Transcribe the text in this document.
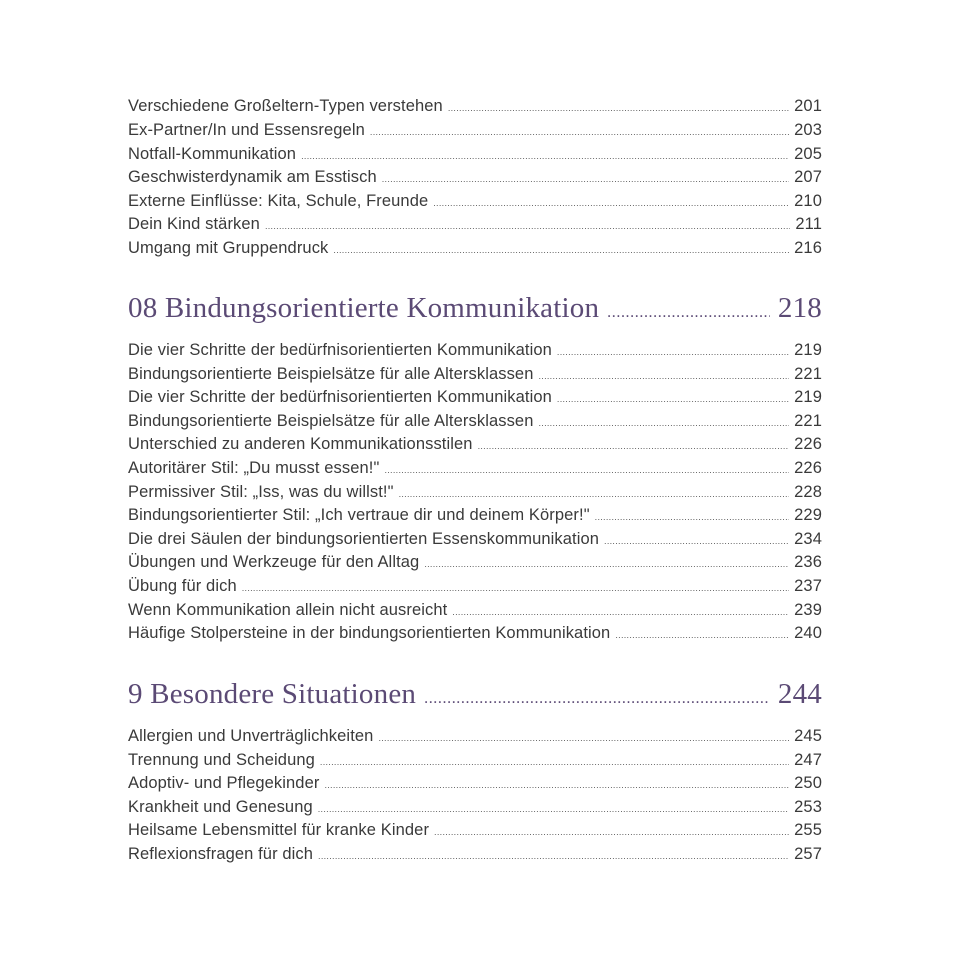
Verschiedene Großeltern-Typen verstehen .....	201
Ex-Partner/In und Essensregeln .....	203
Notfall-Kommunikation .....	205
Geschwisterdynamik am Esstisch .....	207
Externe Einflüsse: Kita, Schule, Freunde .....	210
Dein Kind stärken .....	211
Umgang mit Gruppendruck .....	216
08 Bindungsorientierte Kommunikation .....	218
Die vier Schritte der bedürfnisorientierten Kommunikation .....	219
Bindungsorientierte Beispielsätze für alle Altersklassen .....	221
Die vier Schritte der bedürfnisorientierten Kommunikation .....	219
Bindungsorientierte Beispielsätze für alle Altersklassen .....	221
Unterschied zu anderen Kommunikationsstilen .....	226
Autoritärer Stil: „Du musst essen!" .....	226
Permissiver Stil: „Iss, was du willst!" .....	228
Bindungsorientierter Stil: „Ich vertraue dir und deinem Körper!" .....	229
Die drei Säulen der bindungsorientierten Essenskommunikation .....	234
Übungen und Werkzeuge für den Alltag .....	236
Übung für dich .....	237
Wenn Kommunikation allein nicht ausreicht .....	239
Häufige Stolpersteine in der bindungsorientierten Kommunikation .....	240
9 Besondere Situationen .....	244
Allergien und Unverträglichkeiten .....	245
Trennung und Scheidung .....	247
Adoptiv- und Pflegekinder .....	250
Krankheit und Genesung .....	253
Heilsame Lebensmittel für kranke Kinder .....	255
Reflexionsfragen für dich .....	257
